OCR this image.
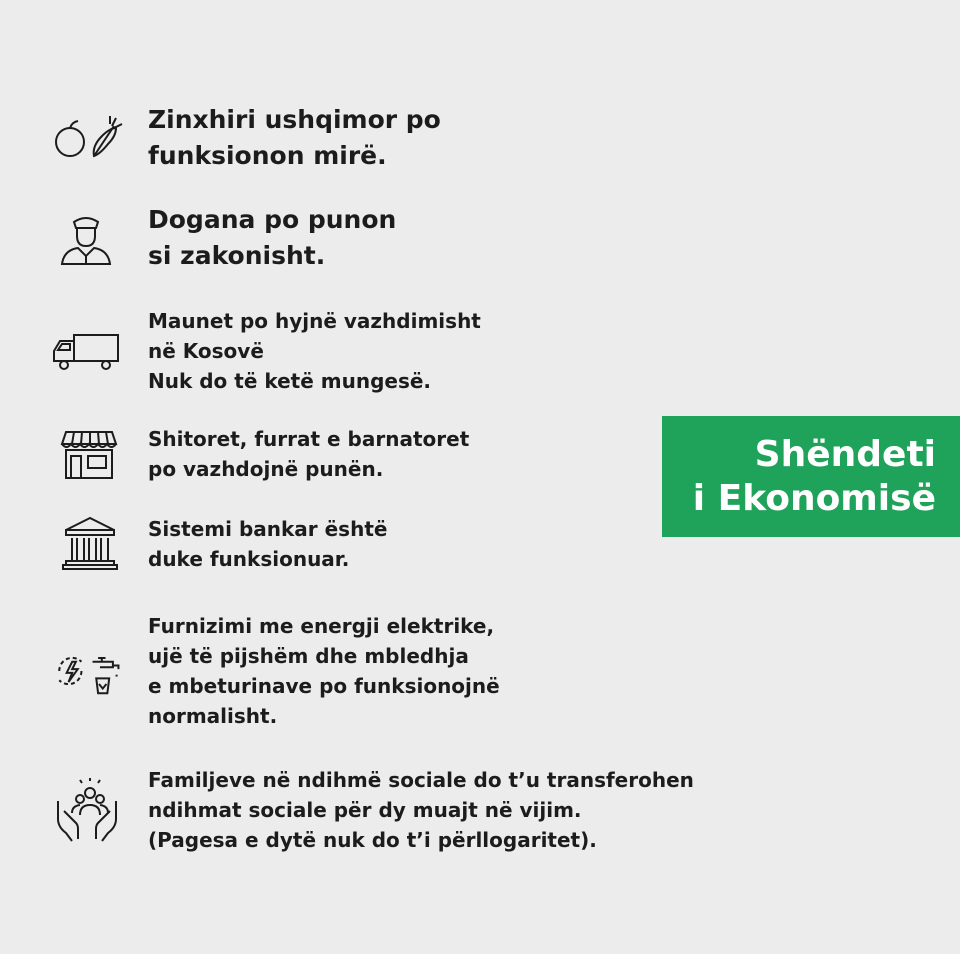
Zinxhiri ushqimor po
funksionon mirë.
Dogana po punon
si zakonisht.
Maunet po hyjnë vazhdimisht
në Kosovë
Nuk do të ketë mungesë.
Shitoret, furrat e barnatoret
po vazhdojnë punën.
Sistemi bankar është
duke funksionuar.
Furnizimi me energji elektrike,
ujë të pijshëm dhe mbledhja
e mbeturinave po funksionojnë
normalisht.
Familjeve në ndihmë sociale do t’u transferohen
ndihmat sociale për dy muajt në vijim.
(Pagesa e dytë nuk do t’i përllogaritet).
Shëndeti
i Ekonomisë
